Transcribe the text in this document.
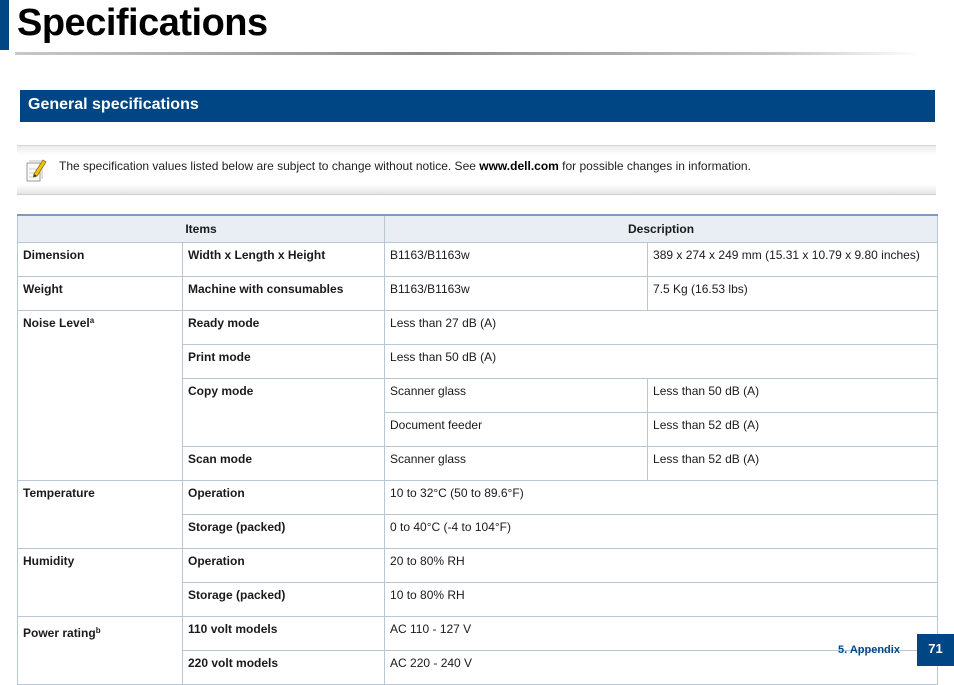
Specifications
General specifications
The specification values listed below are subject to change without notice. See www.dell.com for possible changes in information.
Items		Description	
Dimension	Width x Length x Height	B1163/B1163w	389 x 274 x 249 mm (15.31 x 10.79 x 9.80 inches)
Weight	Machine with consumables	B1163/B1163w	7.5 Kg (16.53 lbs)
Noise Level$^a$	Ready mode	Less than 27 dB (A)	
	Print mode	Less than 50 dB (A)	
	Copy mode	Scanner glass	Less than 50 dB (A)
		Document feeder	Less than 52 dB (A)
	Scan mode	Scanner glass	Less than 52 dB (A)
Temperature	Operation	10 to 32°C (50 to 89.6°F)	
	Storage (packed)	0 to 40°C (-4 to 104°F)	
Humidity	Operation	20 to 80% RH	
	Storage (packed)	10 to 80% RH	
Power rating$^b$	110 volt models	AC 110 - 127 V	
	220 volt models	AC 220 - 240 V	
5. Appendix	71
